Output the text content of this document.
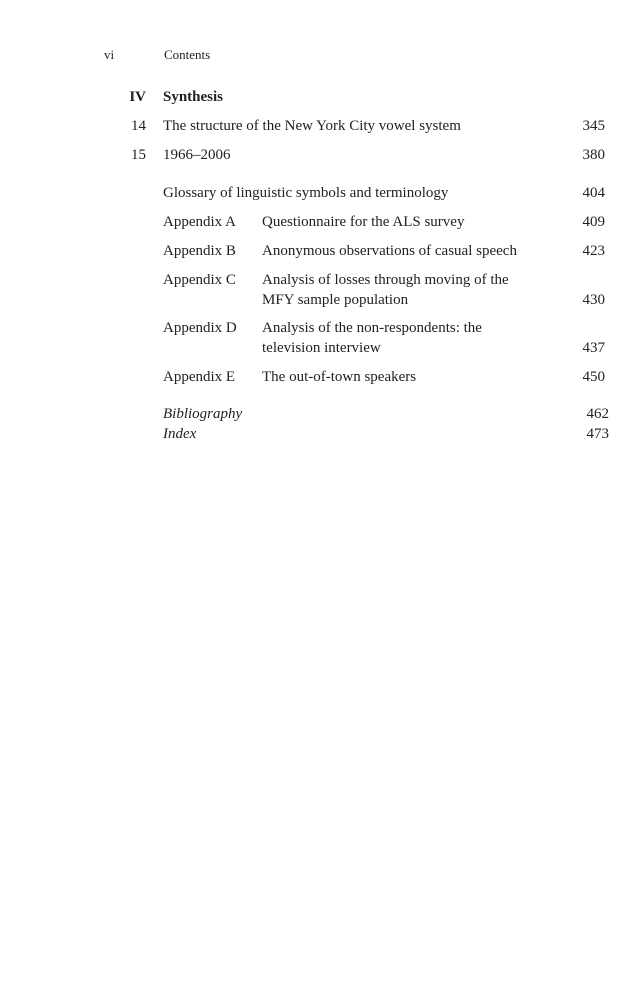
vi	Contents
IV Synthesis
14 The structure of the New York City vowel system	345
15 1966–2006	380
Glossary of linguistic symbols and terminology	404
Appendix A Questionnaire for the ALS survey	409
Appendix B Anonymous observations of casual speech	423
Appendix C Analysis of losses through moving of the
MFY sample population	430
Appendix D Analysis of the non-respondents: the
television interview	437
Appendix E The out-of-town speakers	450
Bibliography	462
Index	473
